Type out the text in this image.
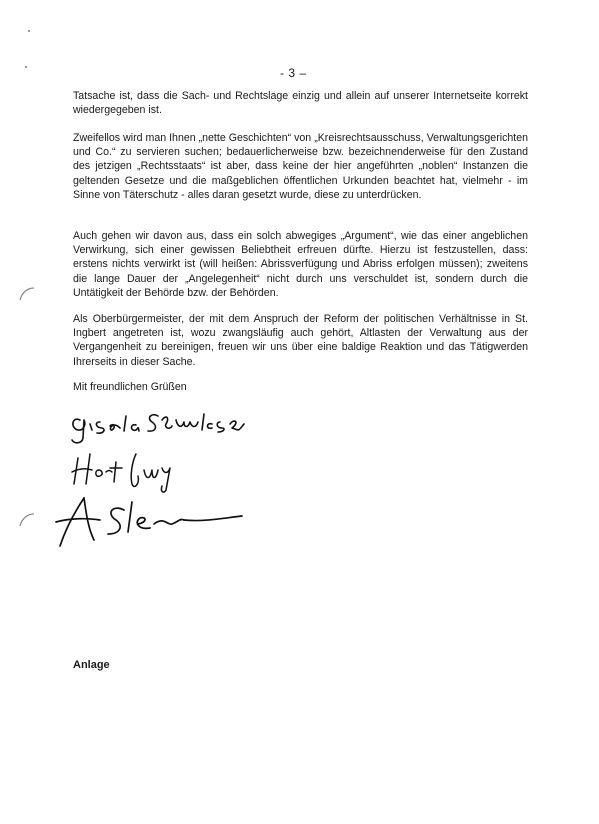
- 3 –

Tatsache ist, dass die Sach- und Rechtslage einzig und allein auf unserer Internetseite korrekt wiedergegeben ist.

Zweifellos wird man Ihnen „nette Geschichten“ von „Kreisrechtsausschuss, Verwaltungsgerichten und Co.“ zu servieren suchen; bedauerlicherweise bzw. bezeichnenderweise für den Zustand des jetzigen „Rechtsstaats“ ist aber, dass keine der hier angeführten „noblen“ Instanzen die geltenden Gesetze und die maßgeblichen öffentlichen Urkunden beachtet hat, vielmehr - im Sinne von Täterschutz - alles daran gesetzt wurde, diese zu unterdrücken.

Auch gehen wir davon aus, dass ein solch abwegiges „Argument“, wie das einer angeblichen Verwirkung, sich einer gewissen Beliebtheit erfreuen dürfte. Hierzu ist festzustellen, dass: erstens nichts verwirkt ist (will heißen: Abrissverfügung und Abriss erfolgen müssen); zweitens die lange Dauer der „Angelegenheit“ nicht durch uns verschuldet ist, sondern durch die Untätigkeit der Behörde bzw. der Behörden.

Als Oberbürgermeister, der mit dem Anspruch der Reform der politischen Verhältnisse in St. Ingbert angetreten ist, wozu zwangsläufig auch gehört, Altlasten der Verwaltung aus der Vergangenheit zu bereinigen, freuen wir uns über eine baldige Reaktion und das Tätigwerden Ihrerseits in dieser Sache.

Mit freundlichen Grüßen

Anlage
